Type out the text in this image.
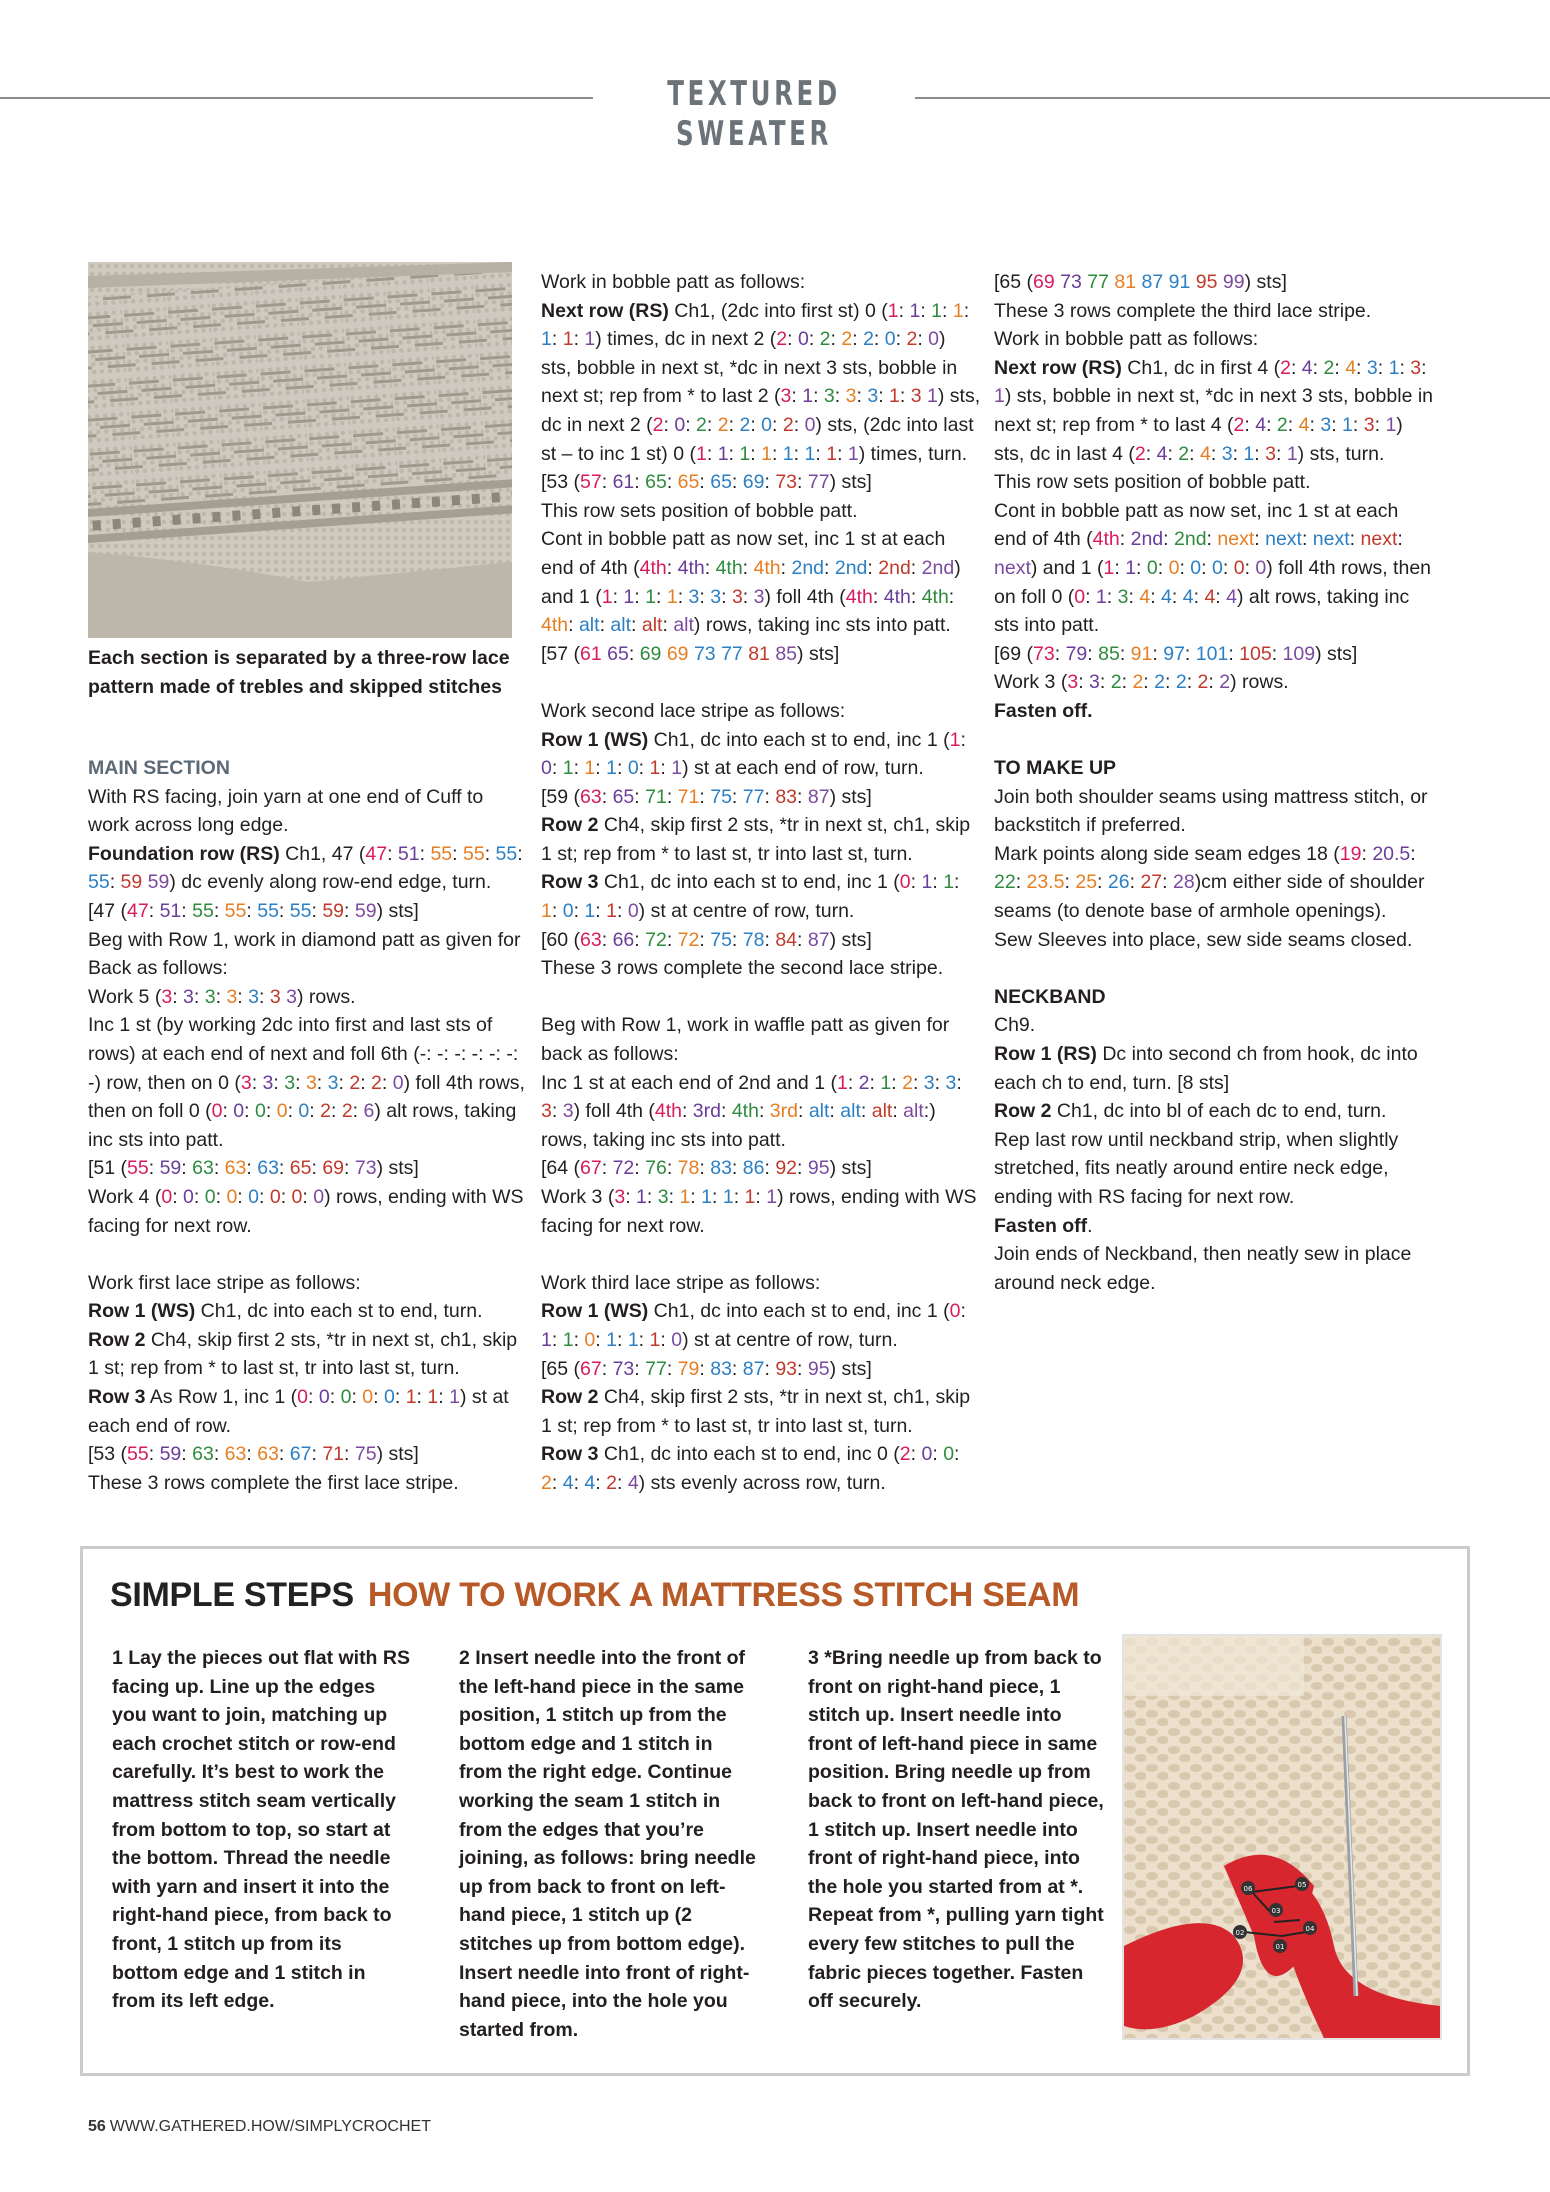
TEXTURED SWEATER
Each section is separated by a three-row lace pattern made of trebles and skipped stitches

MAIN SECTION

With RS facing, join yarn at one end of Cuff to work across long edge.

Foundation row (RS) Ch1, 47 (47: 51: 55: 55: 55: 55: 59 59) dc evenly along row-end edge, turn.

[47 (47: 51: 55: 55: 55: 55: 59: 59) sts]

Beg with Row 1, work in diamond patt as given for Back as follows:

Work 5 (3: 3: 3: 3: 3: 3 3) rows.

Inc 1 st (by working 2dc into first and last sts of rows) at each end of next and foll 6th (-: -: -: -: -: -: -) row, then on 0 (3: 3: 3: 3: 3: 2: 2: 0) foll 4th rows, then on foll 0 (0: 0: 0: 0: 0: 2: 2: 6) alt rows, taking inc sts into patt.

[51 (55: 59: 63: 63: 63: 65: 69: 73) sts]

Work 4 (0: 0: 0: 0: 0: 0: 0: 0) rows, ending with WS facing for next row.

Work first lace stripe as follows:

Row 1 (WS) Ch1, dc into each st to end, turn.

Row 2 Ch4, skip first 2 sts, *tr in next st, ch1, skip 1 st; rep from * to last st, tr into last st, turn.

Row 3 As Row 1, inc 1 (0: 0: 0: 0: 0: 1: 1: 1) st at each end of row.

[53 (55: 59: 63: 63: 63: 67: 71: 75) sts]

These 3 rows complete the first lace stripe.

Work in bobble patt as follows:

Next row (RS) Ch1, (2dc into first st) 0 (1: 1: 1: 1: 1: 1: 1) times, dc in next 2 (2: 0: 2: 2: 2: 0: 2: 0) sts, bobble in next st, *dc in next 3 sts, bobble in next st; rep from * to last 2 (3: 1: 3: 3: 3: 1: 3 1) sts, dc in next 2 (2: 0: 2: 2: 2: 0: 2: 0) sts, (2dc into last st – to inc 1 st) 0 (1: 1: 1: 1: 1: 1: 1: 1) times, turn. [53 (57: 61: 65: 65: 65: 69: 73: 77) sts]

This row sets position of bobble patt.

Cont in bobble patt as now set, inc 1 st at each end of 4th (4th: 4th: 4th: 4th: 2nd: 2nd: 2nd: 2nd) and 1 (1: 1: 1: 1: 3: 3: 3: 3) foll 4th (4th: 4th: 4th: 4th: alt: alt: alt: alt) rows, taking inc sts into patt.

[57 (61 65: 69 69 73 77 81 85) sts]

Work second lace stripe as follows:

Row 1 (WS) Ch1, dc into each st to end, inc 1 (1: 0: 1: 1: 1: 0: 1: 1) st at each end of row, turn.

[59 (63: 65: 71: 71: 75: 77: 83: 87) sts]

Row 2 Ch4, skip first 2 sts, *tr in next st, ch1, skip 1 st; rep from * to last st, tr into last st, turn.

Row 3 Ch1, dc into each st to end, inc 1 (0: 1: 1: 1: 0: 1: 1: 0) st at centre of row, turn.

[60 (63: 66: 72: 72: 75: 78: 84: 87) sts]

These 3 rows complete the second lace stripe.

Beg with Row 1, work in waffle patt as given for back as follows:

Inc 1 st at each end of 2nd and 1 (1: 2: 1: 2: 3: 3: 3: 3) foll 4th (4th: 3rd: 4th: 3rd: alt: alt: alt: alt:) rows, taking inc sts into patt.

[64 (67: 72: 76: 78: 83: 86: 92: 95) sts]

Work 3 (3: 1: 3: 1: 1: 1: 1: 1) rows, ending with WS facing for next row.

Work third lace stripe as follows:

Row 1 (WS) Ch1, dc into each st to end, inc 1 (0: 1: 1: 0: 1: 1: 1: 0) st at centre of row, turn.

[65 (67: 73: 77: 79: 83: 87: 93: 95) sts]

Row 2 Ch4, skip first 2 sts, *tr in next st, ch1, skip 1 st; rep from * to last st, tr into last st, turn.

Row 3 Ch1, dc into each st to end, inc 0 (2: 0: 0: 2: 4: 4: 2: 4) sts evenly across row, turn.

[65 (69 73 77 81 87 91 95 99) sts]

These 3 rows complete the third lace stripe.

Work in bobble patt as follows:

Next row (RS) Ch1, dc in first 4 (2: 4: 2: 4: 3: 1: 3: 1) sts, bobble in next st, *dc in next 3 sts, bobble in next st; rep from * to last 4 (2: 4: 2: 4: 3: 1: 3: 1) sts, dc in last 4 (2: 4: 2: 4: 3: 1: 3: 1) sts, turn.

This row sets position of bobble patt.

Cont in bobble patt as now set, inc 1 st at each end of 4th (4th: 2nd: 2nd: next: next: next: next: next) and 1 (1: 1: 0: 0: 0: 0: 0: 0) foll 4th rows, then on foll 0 (0: 1: 3: 4: 4: 4: 4: 4) alt rows, taking inc sts into patt.

[69 (73: 79: 85: 91: 97: 101: 105: 109) sts]

Work 3 (3: 3: 2: 2: 2: 2: 2: 2) rows.

Fasten off.

TO MAKE UP

Join both shoulder seams using mattress stitch, or backstitch if preferred.

Mark points along side seam edges 18 (19: 20.5: 22: 23.5: 25: 26: 27: 28)cm either side of shoulder seams (to denote base of armhole openings).

Sew Sleeves into place, sew side seams closed.

NECKBAND

Ch9.

Row 1 (RS) Dc into second ch from hook, dc into each ch to end, turn. [8 sts]

Row 2 Ch1, dc into bl of each dc to end, turn.

Rep last row until neckband strip, when slightly stretched, fits neatly around entire neck edge, ending with RS facing for next row.

Fasten off.

Join ends of Neckband, then neatly sew in place around neck edge.

SIMPLE STEPS HOW TO WORK A MATTRESS STITCH SEAM
1 Lay the pieces out flat with RS facing up. Line up the edges you want to join, matching up each crochet stitch or row-end carefully. It’s best to work the mattress stitch seam vertically from bottom to top, so start at the bottom. Thread the needle with yarn and insert it into the right-hand piece, from back to front, 1 stitch up from its bottom edge and 1 stitch in from its left edge.
2 Insert needle into the front of the left-hand piece in the same position, 1 stitch up from the bottom edge and 1 stitch in from the right edge. Continue working the seam 1 stitch in from the edges that you’re joining, as follows: bring needle up from back to front on left-hand piece, 1 stitch up (2 stitches up from bottom edge). Insert needle into front of right-hand piece, into the hole you started from.
3 *Bring needle up from back to front on right-hand piece, 1 stitch up. Insert needle into front of left-hand piece in same position. Bring needle up from back to front on left-hand piece, 1 stitch up. Insert needle into front of right-hand piece, into the hole you started from at *. Repeat from *, pulling yarn tight every few stitches to pull the fabric pieces together. Fasten off securely.
06	05
03
04
02
01
56 WWW.GATHERED.HOW/SIMPLYCROCHET
